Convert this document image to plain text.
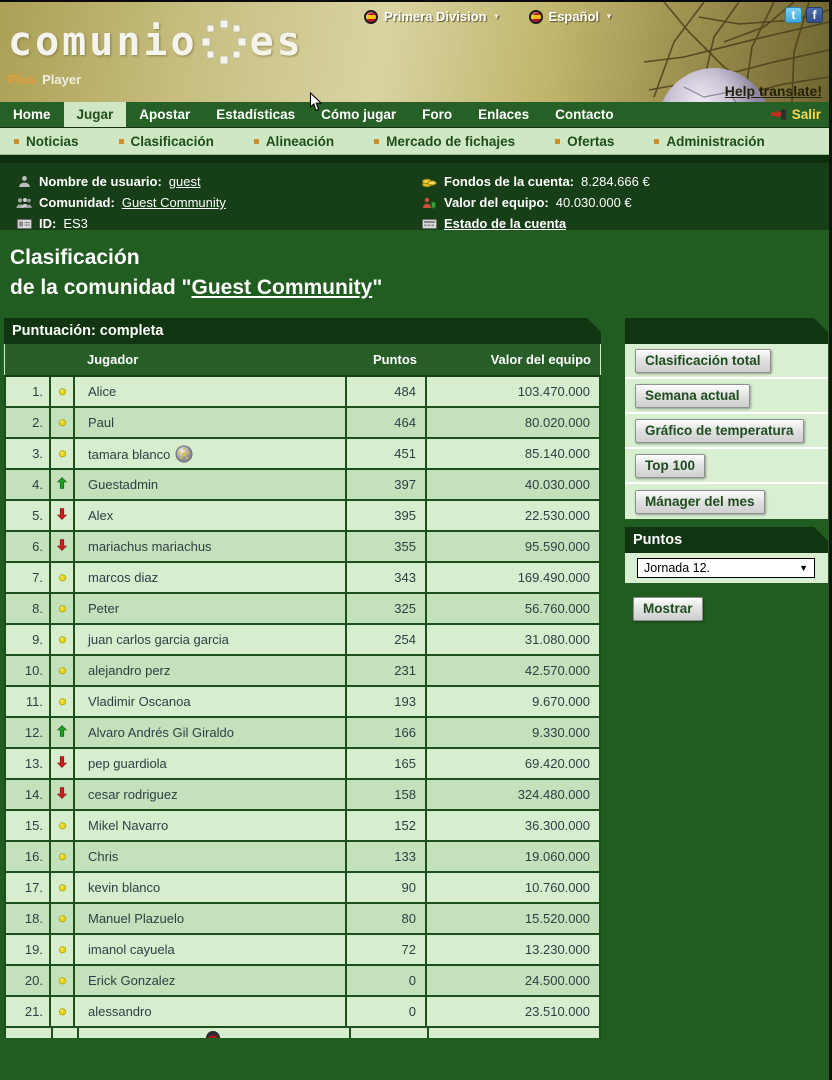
comunio es
Plus Player
Primera Division ▼	Español ▼	t	f
Help translate!
Home	Jugar	Apostar	Estadísticas	Cómo jugar	Foro	Enlaces	Contacto	Salir
Noticias	Clasificación	Alineación	Mercado de fichajes	Ofertas	Administración
Nombre de usuario: guest
Comunidad: Guest Community
ID: ES3
Fondos de la cuenta: 8.284.666 €
Valor del equipo: 40.030.000 €
Estado de la cuenta
Clasificación
de la comunidad "Guest Community"
Puntuación: completa
		Jugador	Puntos	Valor del equipo
1.		Alice	484	103.470.000
2.		Paul	464	80.020.000
3.		tamara blanco	451	85.140.000
4.		Guestadmin	397	40.030.000
5.		Alex	395	22.530.000
6.		mariachus mariachus	355	95.590.000
7.		marcos diaz	343	169.490.000
8.		Peter	325	56.760.000
9.		juan carlos garcia garcia	254	31.080.000
10.		alejandro perz	231	42.570.000
11.		Vladimir Oscanoa	193	9.670.000
12.		Alvaro Andrés Gil Giraldo	166	9.330.000
13.		pep guardiola	165	69.420.000
14.		cesar rodriguez	158	324.480.000
15.		Mikel Navarro	152	36.300.000
16.		Chris	133	19.060.000
17.		kevin blanco	90	10.760.000
18.		Manuel Plazuelo	80	15.520.000
19.		imanol cayuela	72	13.230.000
20.		Erick Gonzalez	0	24.500.000
21.		alessandro	0	23.510.000
Clasificación total
Semana actual
Gráfico de temperatura
Top 100
Mánager del mes
Puntos
Jornada 12.	▼
Mostrar
